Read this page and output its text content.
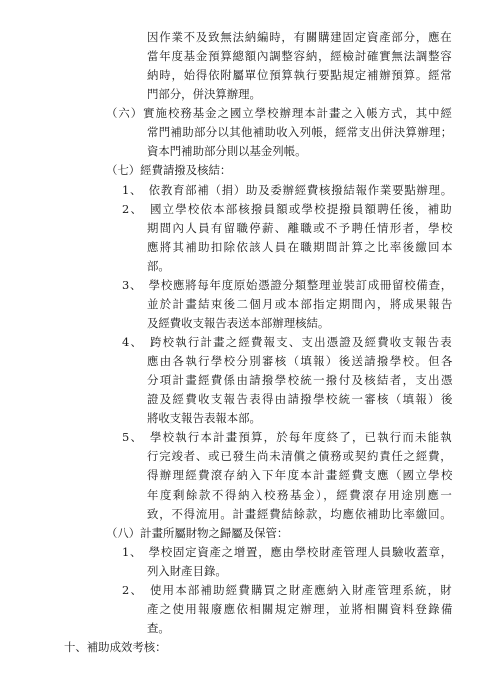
因作業不及致無法納編時，有關購建固定資產部分，應在
當年度基金預算總額內調整容納，經檢討確實無法調整容
納時，始得依附屬單位預算執行要點規定補辦預算。經常
門部分，併決算辦理。
（六）實施校務基金之國立學校辦理本計畫之入帳方式，其中經
常門補助部分以其他補助收入列帳，經常支出併決算辦理；
資本門補助部分則以基金列帳。
（七）經費請撥及核結：
1、　依教育部補（捐）助及委辦經費核撥結報作業要點辦理。
2、　國立學校依本部核撥員額或學校提撥員額聘任後，補助
期間內人員有留職停薪、離職或不予聘任情形者，學校
應將其補助扣除依該人員在職期間計算之比率後繳回本
部。
3、　學校應將每年度原始憑證分類整理並裝訂成冊留校備查，
並於計畫結束後二個月或本部指定期間內，將成果報告
及經費收支報告表送本部辦理核結。
4、　跨校執行計畫之經費報支、支出憑證及經費收支報告表
應由各執行學校分別審核（填報）後送請撥學校。但各
分項計畫經費係由請撥學校統一撥付及核結者，支出憑
證及經費收支報告表得由請撥學校統一審核（填報）後
將收支報告表報本部。
5、　學校執行本計畫預算，於每年度終了，已執行而未能執
行完竣者、或已發生尚未清償之債務或契約責任之經費，
得辦理經費滾存納入下年度本計畫經費支應（國立學校
年度剩餘款不得納入校務基金），經費滾存用途別應一
致，不得流用。計畫經費結餘款，均應依補助比率繳回。
（八）計畫所屬財物之歸屬及保管：
1、　學校固定資產之增置，應由學校財產管理人員驗收蓋章，
列入財產目錄。
2、　使用本部補助經費購買之財產應納入財產管理系統，財
產之使用報廢應依相關規定辦理，並將相關資料登錄備
查。
十、補助成效考核：
